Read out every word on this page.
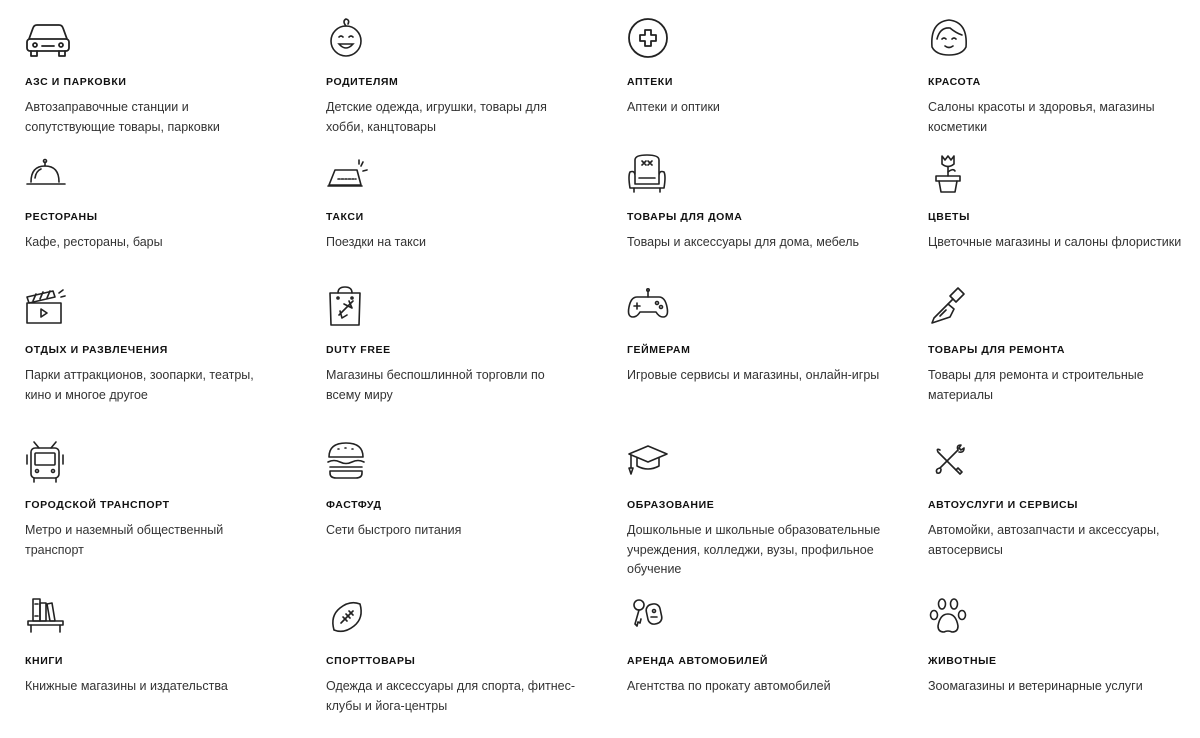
АЗС И ПАРКОВКИ
Автозаправочные станции и сопутствующие товары, парковки
РОДИТЕЛЯМ
Детские одежда, игрушки, товары для хобби, канцтовары
АПТЕКИ
Аптеки и оптики
КРАСОТА
Салоны красоты и здоровья, магазины косметики
РЕСТОРАНЫ
Кафе, рестораны, бары
ТАКСИ
Поездки на такси
ТОВАРЫ ДЛЯ ДОМА
Товары и аксессуары для дома, мебель
ЦВЕТЫ
Цветочные магазины и салоны флористики
ОТДЫХ И РАЗВЛЕЧЕНИЯ
Парки аттракционов, зоопарки, театры, кино и многое другое
DUTY FREE
Магазины беспошлинной торговли по всему миру
ГЕЙМЕРАМ
Игровые сервисы и магазины, онлайн-игры
ТОВАРЫ ДЛЯ РЕМОНТА
Товары для ремонта и строительные материалы
ГОРОДСКОЙ ТРАНСПОРТ
Метро и наземный общественный транспорт
ФАСТФУД
Сети быстрого питания
ОБРАЗОВАНИЕ
Дошкольные и школьные образовательные учреждения, колледжи, вузы, профильное обучение
АВТОУСЛУГИ И СЕРВИСЫ
Автомойки, автозапчасти и аксессуары, автосервисы
КНИГИ
Книжные магазины и издательства
СПОРТТОВАРЫ
Одежда и аксессуары для спорта, фитнес-клубы и йога-центры
АРЕНДА АВТОМОБИЛЕЙ
Агентства по прокату автомобилей
ЖИВОТНЫЕ
Зоомагазины и ветеринарные услуги
